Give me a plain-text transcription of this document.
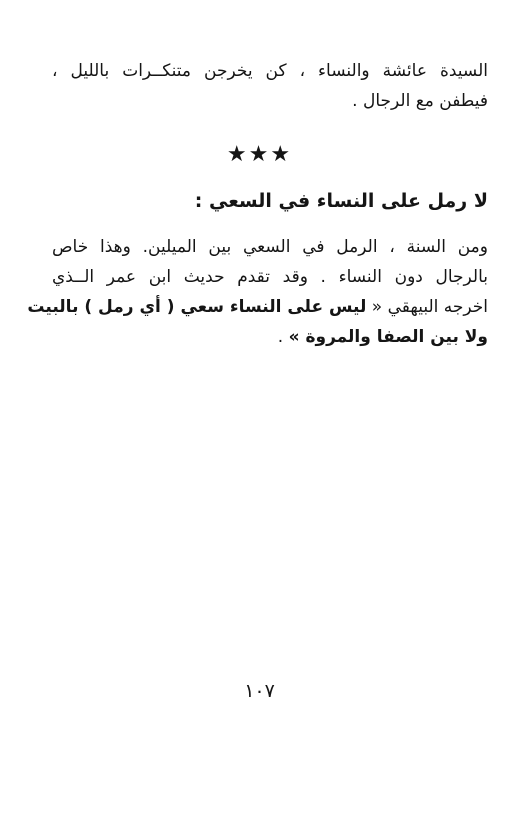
السيدة عائشة والنساء ، كن يخرجن متنكــرات بالليل ،
فيطفن مع الرجال .
★★★
لا رمل على النساء في السعي :
ومن السنة ، الرمل في السعي بين الميلين. وهذا خاص
بالرجال دون النساء . وقد تقدم حديث ابن عمر الــذي
اخرجه البيهقي « ليس على النساء سعي ( أي رمل ) بالبيت
ولا بين الصفا والمروة » .
١٠٧
